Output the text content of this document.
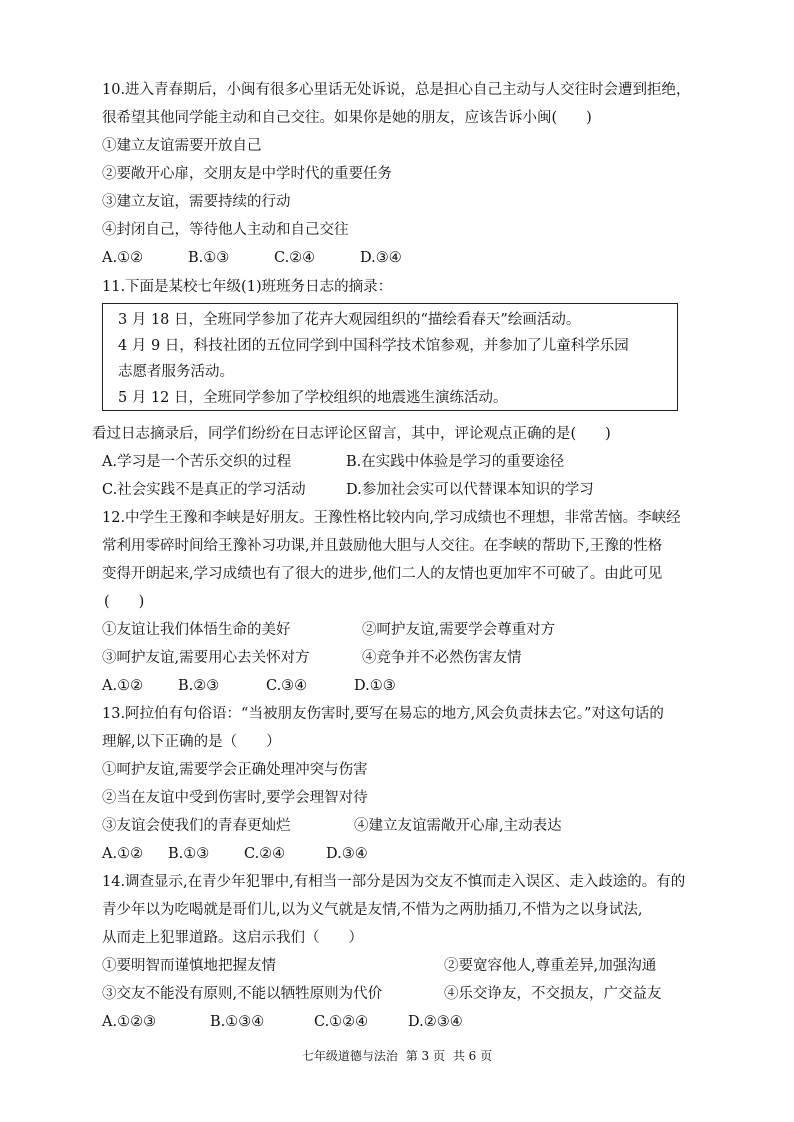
10.进入青春期后，小闽有很多心里话无处诉说，总是担心自己主动与人交往时会遭到拒绝，
很希望其他同学能主动和自己交往。如果你是她的朋友，应该告诉小闽(　　)
①建立友谊需要开放自己
②要敞开心扉，交朋友是中学时代的重要任务
③建立友谊，需要持续的行动
④封闭自己，等待他人主动和自己交往
A.①②	B.①③	C.②④	D.③④
11.下面是某校七年级(1)班班务日志的摘录：
3 月 18 日，全班同学参加了花卉大观园组织的“描绘看春天”绘画活动。
4 月 9 日，科技社团的五位同学到中国科学技术馆参观，并参加了儿童科学乐园
志愿者服务活动。
5 月 12 日，全班同学参加了学校组织的地震逃生演练活动。
看过日志摘录后，同学们纷纷在日志评论区留言，其中，评论观点正确的是(　　)
A.学习是一个苦乐交织的过程	B.在实践中体验是学习的重要途径
C.社会实践不是真正的学习活动	D.参加社会实可以代替课本知识的学习
12.中学生王豫和李峡是好朋友。王豫性格比较内向,学习成绩也不理想，非常苦恼。李峡经
常利用零碎时间给王豫补习功课,并且鼓励他大胆与人交往。在李峡的帮助下,王豫的性格
变得开朗起来,学习成绩也有了很大的进步,他们二人的友情也更加牢不可破了。由此可见
(　　)
①友谊让我们体悟生命的美好	②呵护友谊,需要学会尊重对方
③呵护友谊,需要用心去关怀对方	④竞争并不必然伤害友情
A.①② B.②③	C.③④	D.①③
13.阿拉伯有句俗语：“当被朋友伤害时,要写在易忘的地方,风会负责抹去它。”对这句话的
理解,以下正确的是（　　）
①呵护友谊,需要学会正确处理冲突与伤害
②当在友谊中受到伤害时,要学会理智对待
③友谊会使我们的青春更灿烂	④建立友谊需敞开心扉,主动表达
A.①② B.①③ C.②④	D.③④
14.调查显示,在青少年犯罪中,有相当一部分是因为交友不慎而走入误区、走入歧途的。有的
青少年以为吃喝就是哥们儿,以为义气就是友情,不惜为之两肋插刀,不惜为之以身试法,
从而走上犯罪道路。这启示我们（　　）
①要明智而谨慎地把握友情	②要宽容他人,尊重差异,加强沟通
③交友不能没有原则,不能以牺牲原则为代价	④乐交诤友，不交损友，广交益友
A.①②③	B.①③④	C.①②④	D.②③④
七年级道德与法治 第 3 页 共 6 页
